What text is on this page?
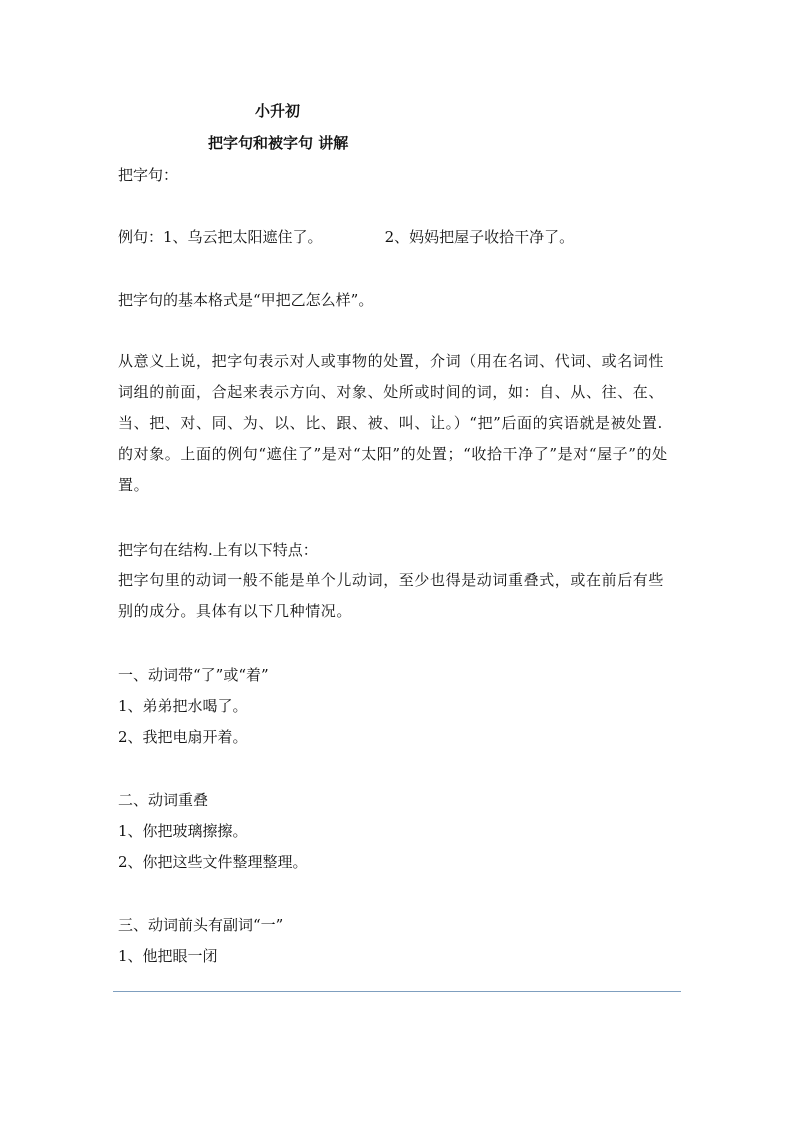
小升初
把字句和被字句 讲解
把字句：
例句：1、乌云把太阳遮住了。	2、妈妈把屋子收拾干净了。
把字句的基本格式是“甲把乙怎么样”。
从意义上说，把字句表示对人或事物的处置，介词（用在名词、代词、或名词性词组的前面，合起来表示方向、对象、处所或时间的词，如：自、从、往、在、当、把、对、同、为、以、比、跟、被、叫、让。）“把”后面的宾语就是被处置.的对象。上面的例句“遮住了”是对“太阳”的处置；“收拾干净了”是对“屋子”的处置。
把字句在结构.上有以下特点：
把字句里的动词一般不能是单个儿动词，至少也得是动词重叠式，或在前后有些别的成分。具体有以下几种情况。
一、动词带“了”或“着”
1、弟弟把水喝了。
2、我把电扇开着。
二、动词重叠
1、你把玻璃擦擦。
2、你把这些文件整理整理。
三、动词前头有副词“一”
1、他把眼一闭
